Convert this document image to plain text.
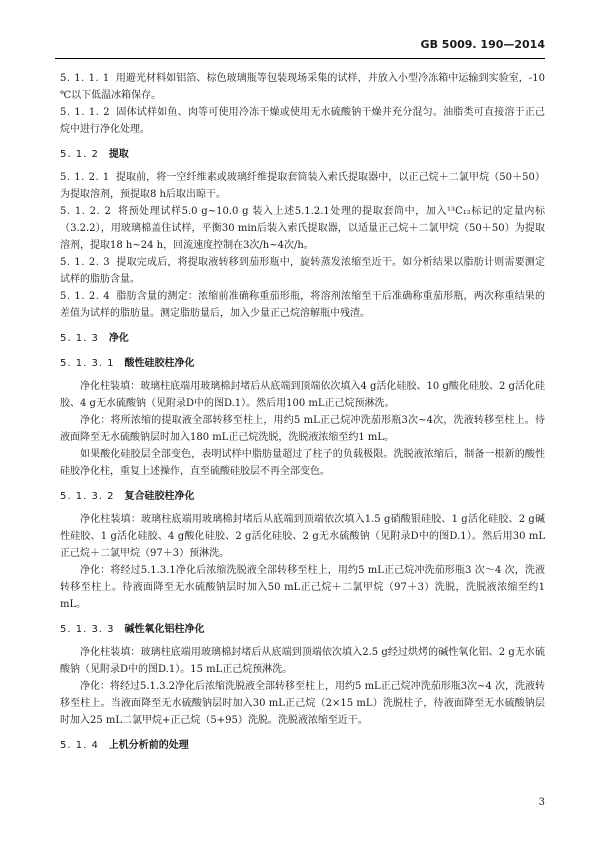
GB 5009. 190—2014
5. 1. 1. 1 用避光材料如铝箔、棕色玻璃瓶等包装现场采集的试样，并放入小型冷冻箱中运输到实验室，-10 ℃以下低温冰箱保存。
5. 1. 1. 2 固体试样如鱼、肉等可使用冷冻干燥或使用无水硫酸钠干燥并充分混匀。油脂类可直接溶于正己烷中进行净化处理。
5. 1. 2 提取
5. 1. 2. 1 提取前，将一空纤维素或玻璃纤维提取套筒装入索氏提取器中，以正己烷＋二氯甲烷（50＋50）为提取溶剂，预提取8 h后取出晾干。
5. 1. 2. 2 将预处理试样5.0 g~10.0 g 装入上述5.1.2.1处理的提取套筒中，加入¹³C₁₂标记的定量内标（3.2.2），用玻璃棉盖住试样，平衡30 min后装入索氏提取器，以适量正己烷＋二氯甲烷（50＋50）为提取溶剂，提取18 h~24 h，回流速度控制在3次/h~4次/h。
5. 1. 2. 3 提取完成后，将提取液转移到茄形瓶中，旋转蒸发浓缩至近干。如分析结果以脂肪计则需要测定试样的脂肪含量。
5. 1. 2. 4 脂肪含量的测定：浓缩前准确称重茄形瓶，将溶剂浓缩至干后准确称重茄形瓶，两次称重结果的差值为试样的脂肪量。测定脂肪量后，加入少量正己烷溶解瓶中残渣。
5. 1. 3 净化
5. 1. 3. 1 酸性硅胶柱净化
净化柱装填：玻璃柱底端用玻璃棉封堵后从底端到顶端依次填入4 g活化硅胶、10 g酸化硅胶、2 g活化硅胶、4 g无水硫酸钠（见附录D中的图D.1）。然后用100 mL正己烷预淋洗。
净化：将所浓缩的提取液全部转移至柱上，用约5 mL正己烷冲洗茄形瓶3次~4次，洗液转移至柱上。待液面降至无水硫酸钠层时加入180 mL正己烷洗脱，洗脱液浓缩至约1 mL。
如果酸化硅胶层全部变色，表明试样中脂肪量超过了柱子的负载极限。洗脱液浓缩后，制备一根新的酸性硅胶净化柱，重复上述操作，直至硫酸硅胶层不再全部变色。
5. 1. 3. 2 复合硅胶柱净化
净化柱装填：玻璃柱底端用玻璃棉封堵后从底端到顶端依次填入1.5 g硝酸银硅胶、1 g活化硅胶、2 g碱性硅胶、1 g活化硅胶、4 g酸化硅胶、2 g活化硅胶、2 g无水硫酸钠（见附录D中的图D.1）。然后用30 mL正己烷＋二氯甲烷（97＋3）预淋洗。
净化：将经过5.1.3.1净化后浓缩洗脱液全部转移至柱上，用约5 mL正己烷冲洗茄形瓶3 次～4 次，洗液转移至柱上。待液面降至无水硫酸钠层时加入50 mL正己烷＋二氯甲烷（97＋3）洗脱，洗脱液浓缩至约1 mL。
5. 1. 3. 3 碱性氧化铝柱净化
净化柱装填：玻璃柱底端用玻璃棉封堵后从底端到顶端依次填入2.5 g经过烘烤的碱性氧化铝、2 g无水硫酸钠（见附录D中的图D.1）。15 mL正己烷预淋洗。
净化：将经过5.1.3.2净化后浓缩洗脱液全部转移至柱上，用约5 mL正己烷冲洗茄形瓶3次~4 次，洗液转移至柱上。当液面降至无水硫酸钠层时加入30 mL正己烷（2×15 mL）洗脱柱子，待液面降至无水硫酸钠层时加入25 mL二氯甲烷+正己烷（5+95）洗脱。洗脱液浓缩至近干。
5. 1. 4 上机分析前的处理
3
